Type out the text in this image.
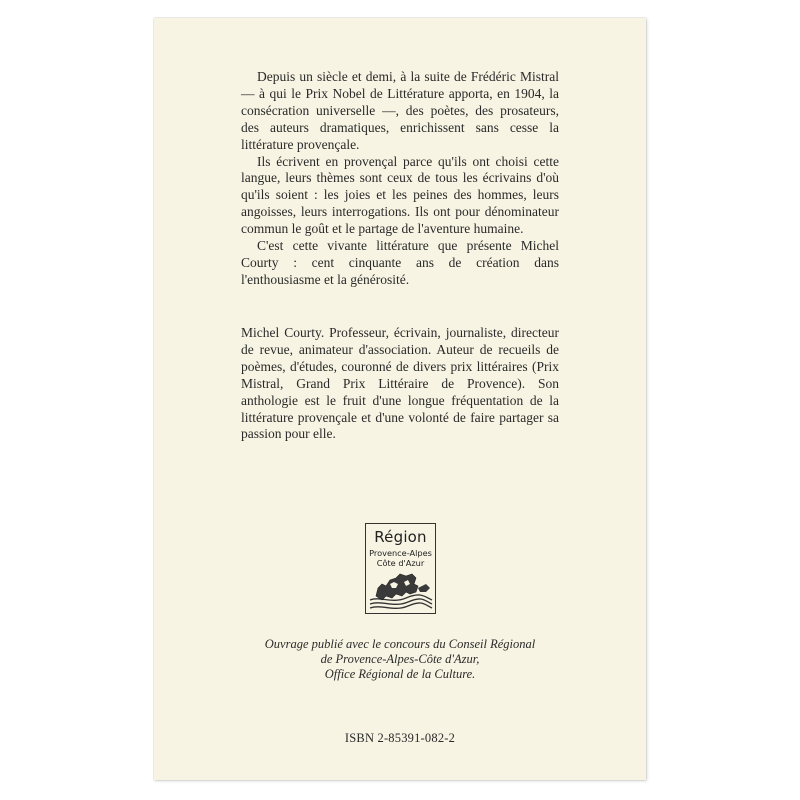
Depuis un siècle et demi, à la suite de Frédéric Mistral — à qui le Prix Nobel de Littérature apporta, en 1904, la consécration universelle —, des poètes, des prosateurs, des auteurs dramatiques, enrichissent sans cesse la littérature provençale.

Ils écrivent en provençal parce qu'ils ont choisi cette langue, leurs thèmes sont ceux de tous les écrivains d'où qu'ils soient : les joies et les peines des hommes, leurs angoisses, leurs interrogations. Ils ont pour dénominateur commun le goût et le partage de l'aventure humaine.

C'est cette vivante littérature que présente Michel Courty : cent cinquante ans de création dans l'enthousiasme et la générosité.

Michel Courty. Professeur, écrivain, journaliste, directeur de revue, animateur d'association. Auteur de recueils de poèmes, d'études, couronné de divers prix littéraires (Prix Mistral, Grand Prix Littéraire de Provence). Son anthologie est le fruit d'une longue fréquentation de la littérature provençale et d'une volonté de faire partager sa passion pour elle.

Région
Provence-Alpes
Côte d'Azur
Ouvrage publié avec le concours du Conseil Régional
de Provence-Alpes-Côte d'Azur,
Office Régional de la Culture.
ISBN 2-85391-082-2
